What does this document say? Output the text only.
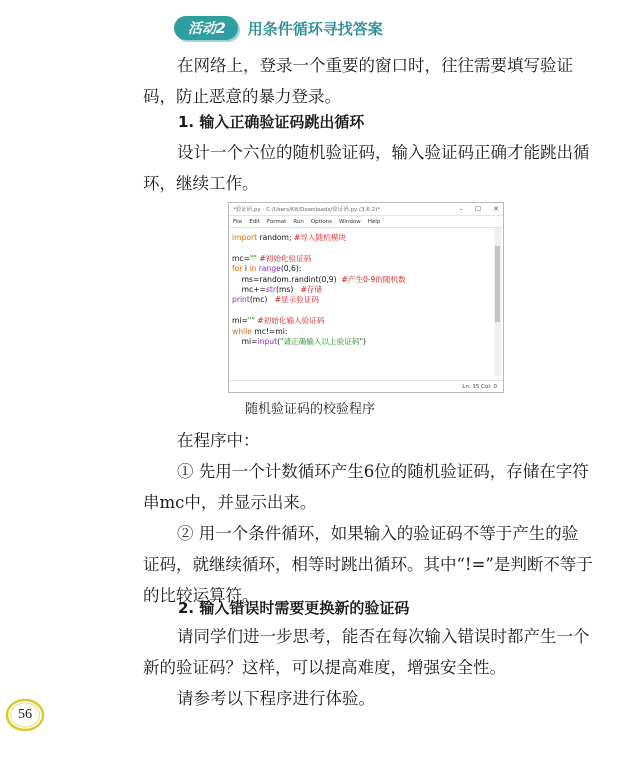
活动2	用条件循环寻找答案

在网络上，登录一个重要的窗口时，往往需要填写验证码，防止恶意的暴力登录。

1. 输入正确验证码跳出循环

设计一个六位的随机验证码，输入验证码正确才能跳出循环，继续工作。

*验证码.py - C:/Users/Kit/Downloads/验证码.py (3.6.2)*	– ☐ ✕
File Edit Format Run Options Window Help
import random; #导入随机模块
mc="" #初始化验证码
for i in range(0,6):
ms=random.randint(0,9)  #产生0-9的随机数
mc+=str(ms)   #存储
print(mc)   #显示验证码
mi="" #初始化输入验证码
while mc!=mi:
mi=input("请正确输入以上验证码")
Ln: 15 Col: 0
随机验证码的校验程序

在程序中：

① 先用一个计数循环产生6位的随机验证码，存储在字符串mc中，并显示出来。

② 用一个条件循环，如果输入的验证码不等于产生的验证码，就继续循环，相等时跳出循环。其中“!=”是判断不等于的比较运算符。

2. 输入错误时需要更换新的验证码

请同学们进一步思考，能否在每次输入错误时都产生一个新的验证码？这样，可以提高难度，增强安全性。

请参考以下程序进行体验。

56
